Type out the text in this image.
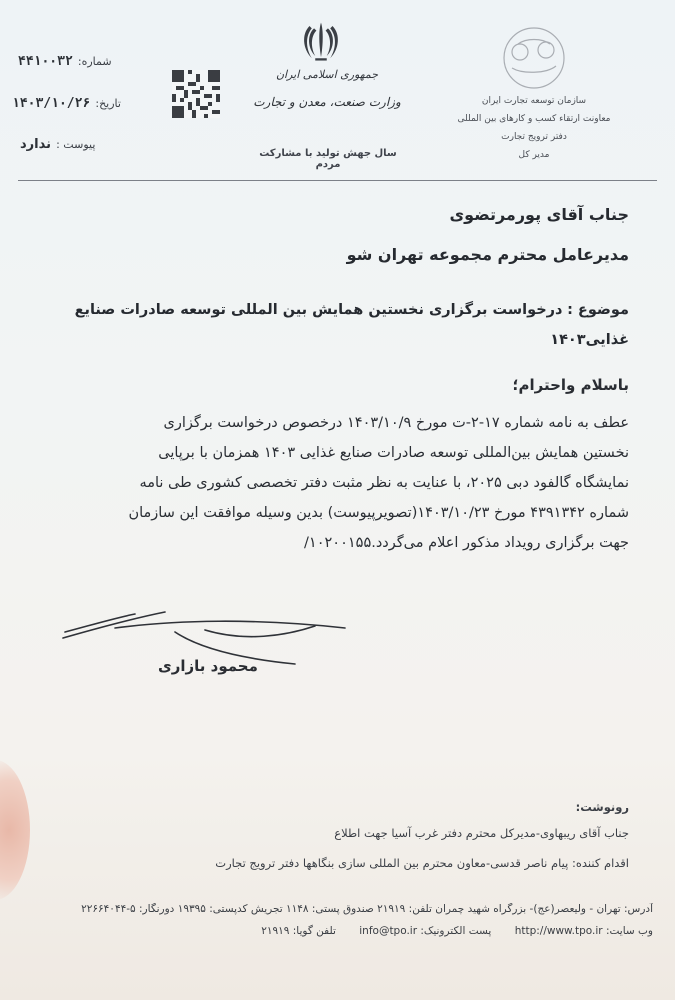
شماره: ۴۴۱۰۰۳۲
تاریخ: ۱۴۰۳/۱۰/۲۶
پیوست : ندارد
جمهوری اسلامی ایران
وزارت صنعت، معدن و تجارت
سال جهش تولید با مشارکت مردم
سازمان توسعه تجارت ایران
معاونت ارتقاء کسب و کارهای بین المللی
دفتر ترویج تجارت
مدیر کل
جناب آقای پورمرتضوی
مدیرعامل محترم مجموعه تهران شو
موضوع : درخواست برگزاری نخستین همایش بین المللی توسعه صادرات صنایع
غذایی۱۴۰۳
باسلام واحترام؛
عطف به نامه شماره ۱۷-۲-ت مورخ ۱۴۰۳/۱۰/۹ درخصوص درخواست برگزاری
نخستین همایش بین‌المللی توسعه صادرات صنایع غذایی ۱۴۰۳ همزمان با برپایی
نمایشگاه گالفود دبی ۲۰۲۵، با عنایت به نظر مثبت دفتر تخصصی کشوری طی نامه
شماره ۴۳۹۱۳۴۲ مورخ ۱۴۰۳/۱۰/۲۳(تصویرپیوست) بدین وسیله موافقت این سازمان
جهت برگزاری رویداد مذکور اعلام می‌گردد.۱۰۲۰۰۱۵۵/
محمود بازاری
رونوشت:
جناب آقای ریبهاوی-مدیرکل محترم دفتر غرب آسیا جهت اطلاع
اقدام کننده: پیام ناصر قدسی-معاون محترم بین المللی سازی بنگاهها دفتر ترویج تجارت
آدرس: تهران - ولیعصر(عج)- بزرگراه شهید چمران تلفن: ۲۱۹۱۹ صندوق پستی: ۱۱۴۸ تجریش کدپستی: ۱۹۳۹۵ دورنگار: ۵-۲۲۶۶۴۰۴۴
وب سایت: http://www.tpo.ir       پست الکترونیک: info@tpo.ir       تلفن گویا: ۲۱۹۱۹
